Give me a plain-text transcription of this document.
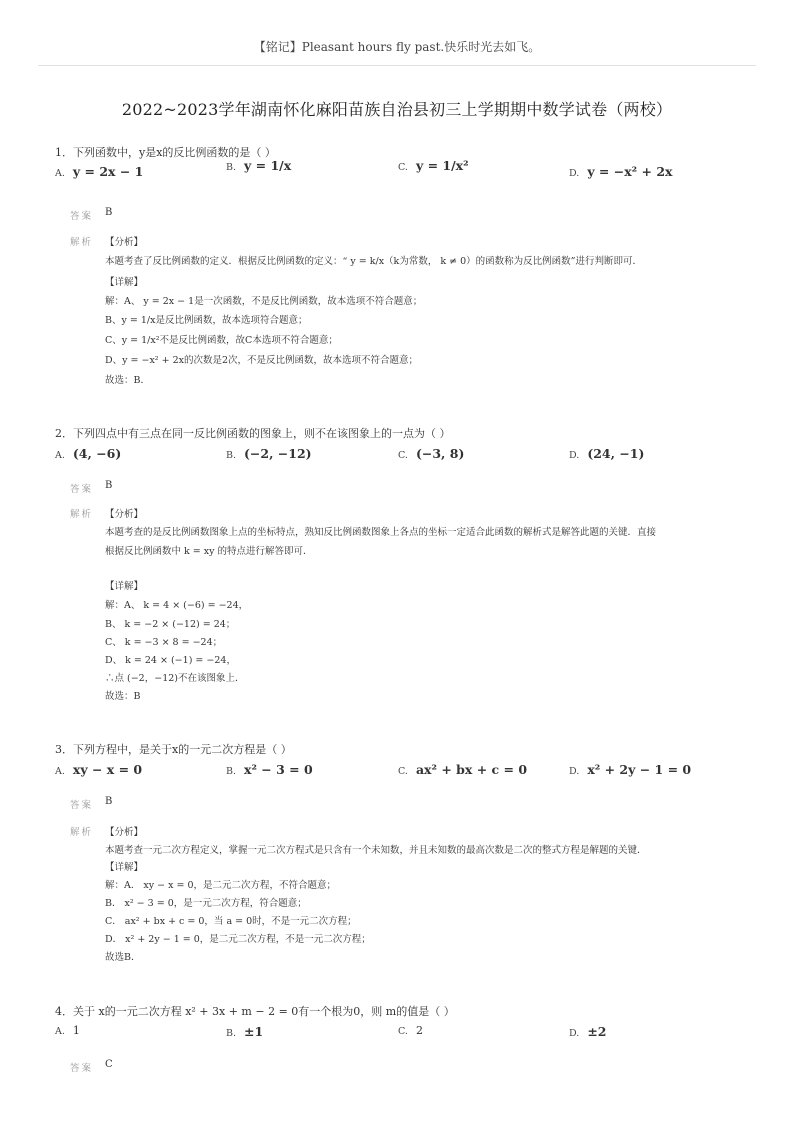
【铭记】Pleasant hours fly past.快乐时光去如飞。
2022~2023学年湖南怀化麻阳苗族自治县初三上学期期中数学试卷（两校）
1．下列函数中，y是x的反比例函数的是（ ）
A. y = 2x − 1	B. y = 1/x	C. y = 1/x²
D. y = −x² + 2x
答案 B
解析 【分析】
本题考查了反比例函数的定义．根据反比例函数的定义：“ y = k/x（k为常数， k ≠ 0）的函数称为反比例函数”进行判断即可．
【详解】
解：A、 y = 2x − 1是一次函数，不是反比例函数，故本选项不符合题意；
B、y = 1/x是反比例函数，故本选项符合题意；
C、y = 1/x²不是反比例函数，故C本选项不符合题意；
D、y = −x² + 2x的次数是2次，不是反比例函数，故本选项不符合题意；
故选：B．
2．下列四点中有三点在同一反比例函数的图象上，则不在该图象上的一点为（ ）
A. (4, −6)	B. (−2, −12)	C. (−3, 8)	D. (24, −1)
答案 B
解析 【分析】
本题考查的是反比例函数图象上点的坐标特点，熟知反比例函数图象上各点的坐标一定适合此函数的解析式是解答此题的关键．直接
根据反比例函数中 k = xy 的特点进行解答即可．
【详解】
解：A、 k = 4 × (−6) = −24，
B、 k = −2 × (−12) = 24；
C、 k = −3 × 8 = −24；
D、 k = 24 × (−1) = −24，
∴点 (−2，−12)不在该图象上．
故选：B
3．下列方程中，是关于x的一元二次方程是（ ）
A. xy − x = 0	B. x² − 3 = 0	C. ax² + bx + c = 0	D. x² + 2y − 1 = 0
答案 B
解析 【分析】
本题考查一元二次方程定义，掌握一元二次方程式是只含有一个未知数，并且未知数的最高次数是二次的整式方程是解题的关键．
【详解】
解：A． xy − x = 0，是二元二次方程，不符合题意；
B． x² − 3 = 0，是一元二次方程，符合题意；
C． ax² + bx + c = 0，当 a = 0时，不是一元二次方程；
D． x² + 2y − 1 = 0，是二元二次方程，不是一元二次方程；
故选B．
4．关于 x的一元二次方程 x² + 3x + m − 2 = 0有一个根为0，则 m的值是（ ）
A. 1	B. ±1	C. 2	D. ±2
答案 C
